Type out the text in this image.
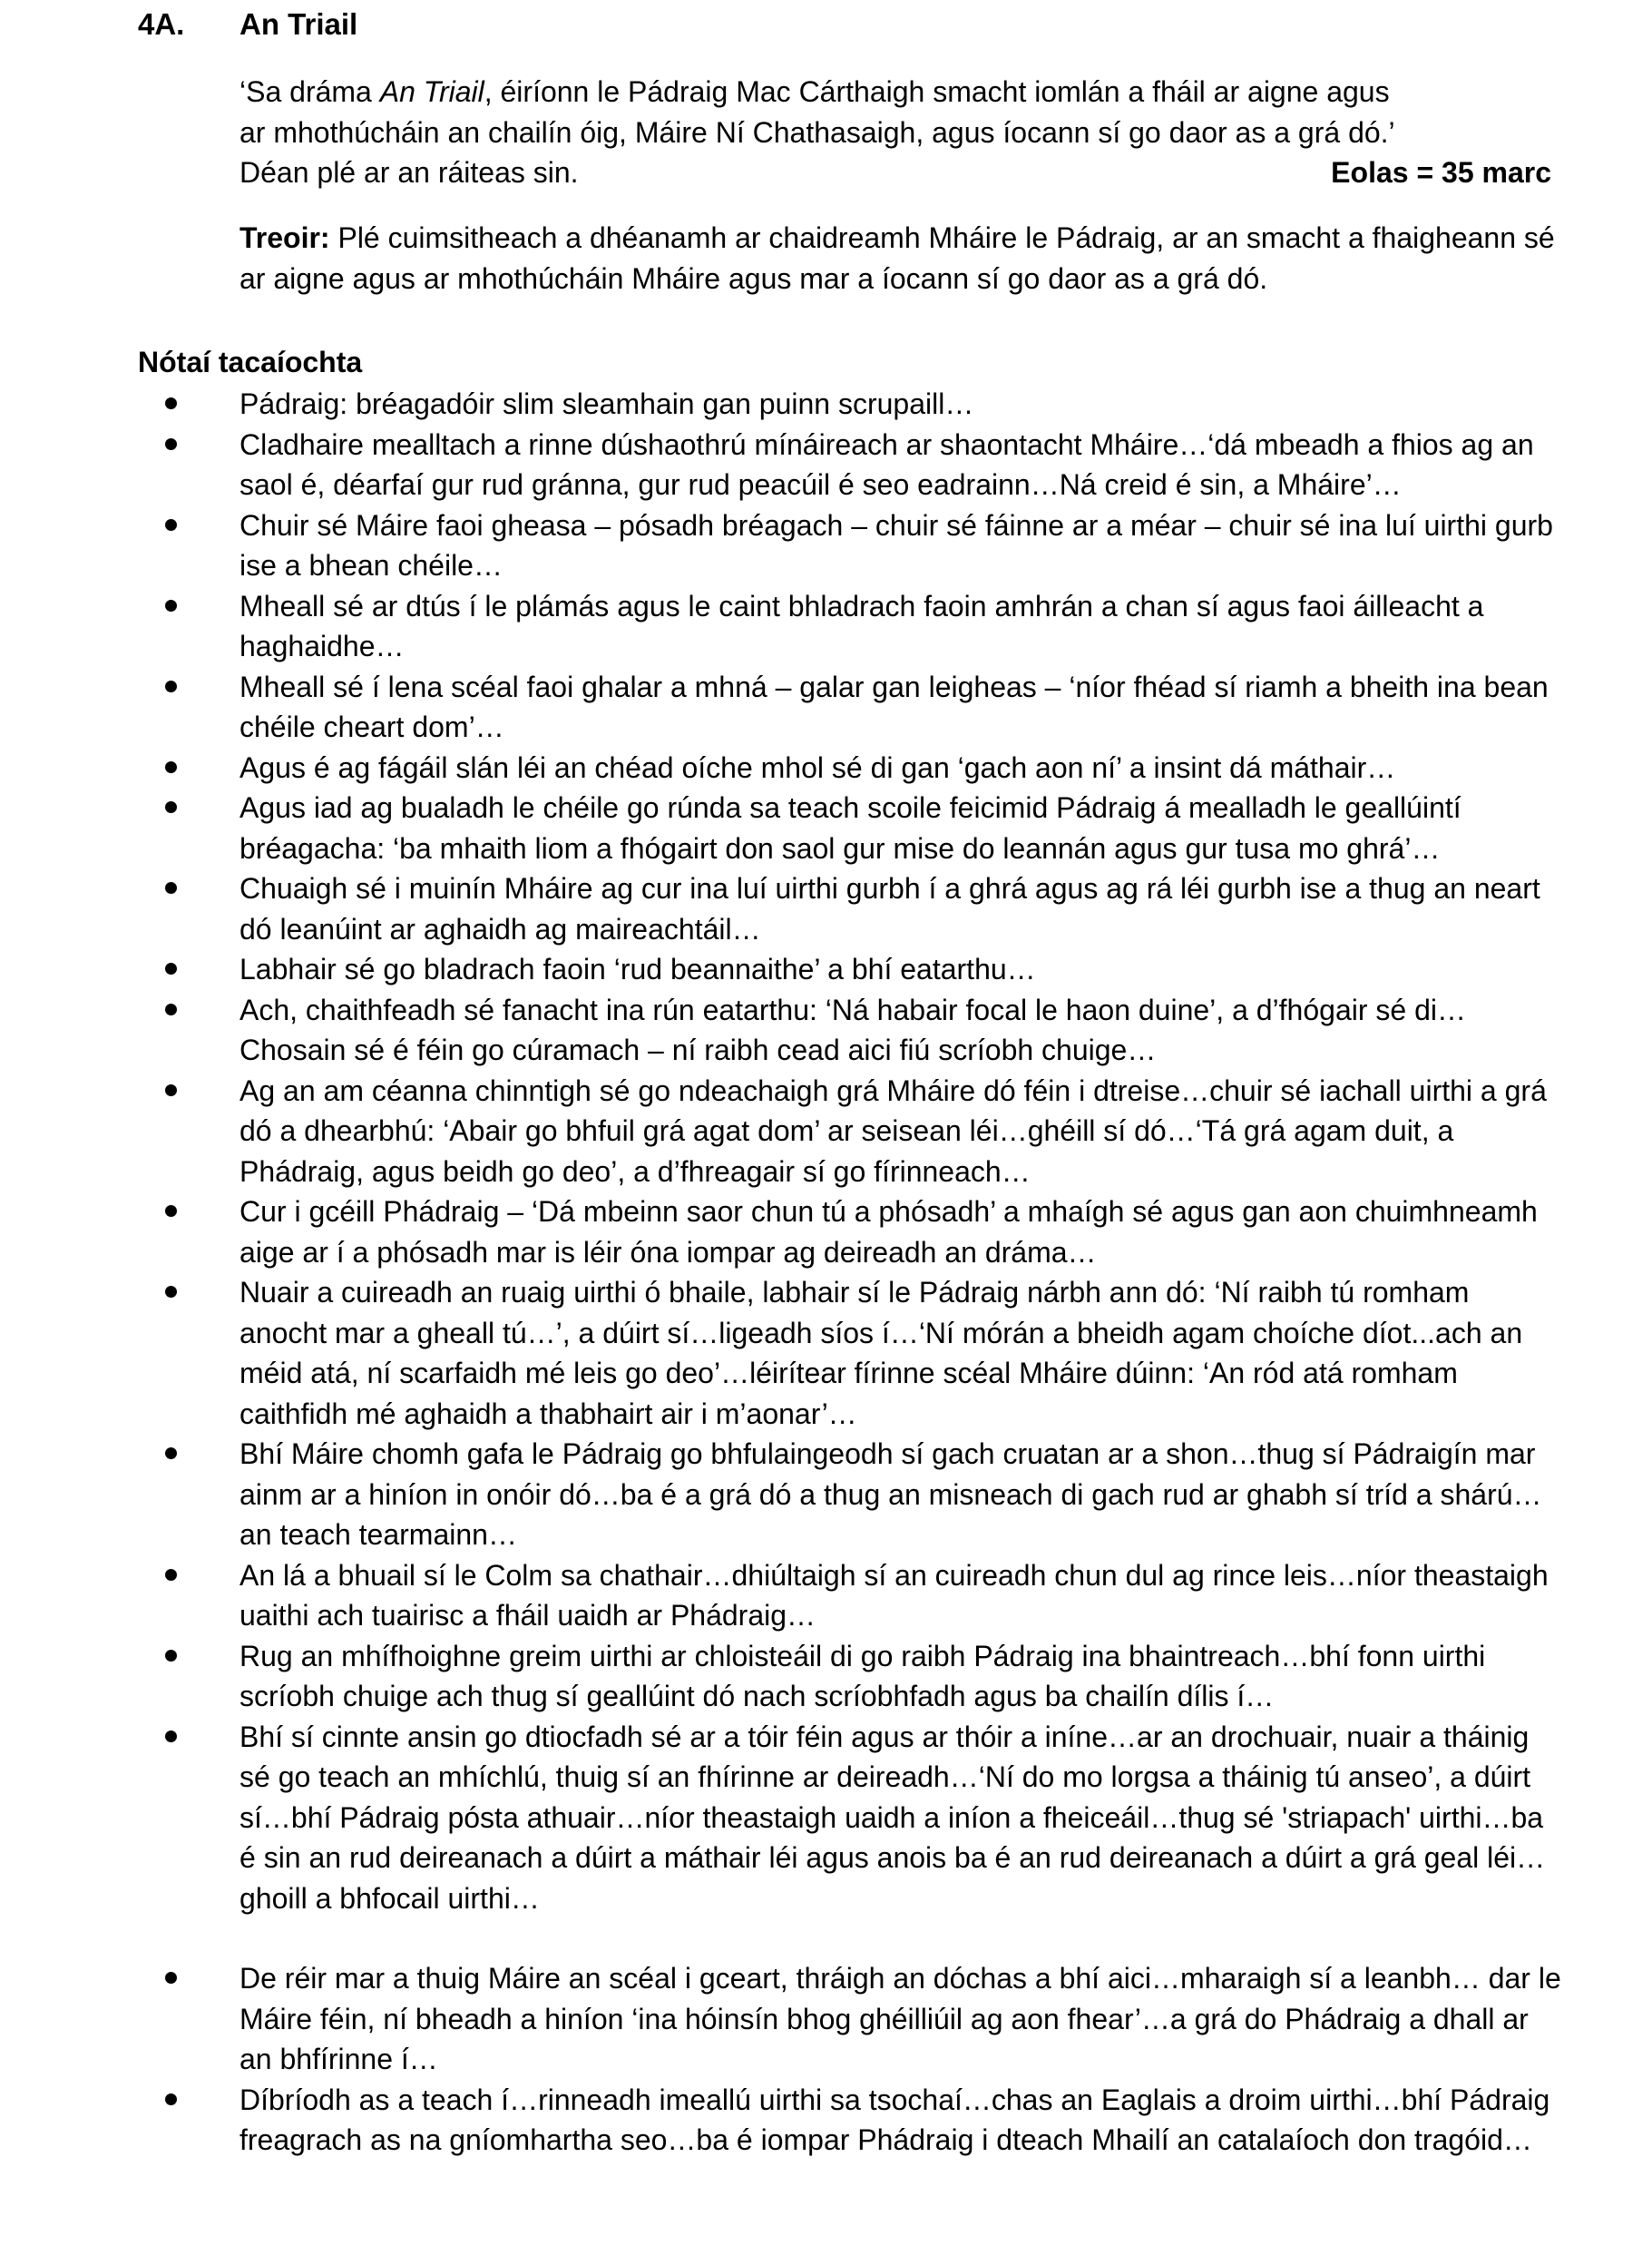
4A. An Triail
‘Sa dráma An Triail, éiríonn le Pádraig Mac Cárthaigh smacht iomlán a fháil ar aigne agus
ar mhothúcháin an chailín óig, Máire Ní Chathasaigh, agus íocann sí go daor as a grá dó.’
Déan plé ar an ráiteas sin.	Eolas = 35 marc
Treoir: Plé cuimsitheach a dhéanamh ar chaidreamh Mháire le Pádraig, ar an smacht a fhaigheann sé ar aigne agus ar mhothúcháin Mháire agus mar a íocann sí go daor as a grá dó.
Nótaí tacaíochta
Pádraig: bréagadóir slim sleamhain gan puinn scrupaill…
Cladhaire mealltach a rinne dúshaothrú mínáireach ar shaontacht Mháire…‘dá mbeadh a fhios ag an saol é, déarfaí gur rud gránna, gur rud peacúil é seo eadrainn…Ná creid é sin, a Mháire’…
Chuir sé Máire faoi gheasa – pósadh bréagach – chuir sé fáinne ar a méar – chuir sé ina luí uirthi gurb ise a bhean chéile…
Mheall sé ar dtús í le plámás agus le caint bhladrach faoin amhrán a chan sí agus faoi áilleacht a haghaidhe…
Mheall sé í lena scéal faoi ghalar a mhná – galar gan leigheas – ‘níor fhéad sí riamh a bheith ina bean chéile cheart dom’…
Agus é ag fágáil slán léi an chéad oíche mhol sé di gan ‘gach aon ní’ a insint dá máthair…
Agus iad ag bualadh le chéile go rúnda sa teach scoile feicimid Pádraig á mealladh le geallúintí bréagacha: ‘ba mhaith liom a fhógairt don saol gur mise do leannán agus gur tusa mo ghrá’…
Chuaigh sé i muinín Mháire ag cur ina luí uirthi gurbh í a ghrá agus ag rá léi gurbh ise a thug an neart dó leanúint ar aghaidh ag maireachtáil…
Labhair sé go bladrach faoin ‘rud beannaithe’ a bhí eatarthu…
Ach, chaithfeadh sé fanacht ina rún eatarthu: ‘Ná habair focal le haon duine’, a d’fhógair sé di… Chosain sé é féin go cúramach – ní raibh cead aici fiú scríobh chuige…
Ag an am céanna chinntigh sé go ndeachaigh grá Mháire dó féin i dtreise…chuir sé iachall uirthi a grá dó a dhearbhú: ‘Abair go bhfuil grá agat dom’ ar seisean léi…ghéill sí dó…‘Tá grá agam duit, a Phádraig, agus beidh go deo’, a d’fhreagair sí go fírinneach…
Cur i gcéill Phádraig – ‘Dá mbeinn saor chun tú a phósadh’ a mhaígh sé agus gan aon chuimhneamh aige ar í a phósadh mar is léir óna iompar ag deireadh an dráma…
Nuair a cuireadh an ruaig uirthi ó bhaile, labhair sí le Pádraig nárbh ann dó: ‘Ní raibh tú romham anocht mar a gheall tú…’, a dúirt sí…ligeadh síos í…‘Ní mórán a bheidh agam choíche díot...ach an méid atá, ní scarfaidh mé leis go deo’…léirítear fírinne scéal Mháire dúinn: ‘An ród atá romham caithfidh mé aghaidh a thabhairt air i m’aonar’…
Bhí Máire chomh gafa le Pádraig go bhfulaingeodh sí gach cruatan ar a shon…thug sí Pádraigín mar ainm ar a hiníon in onóir dó…ba é a grá dó a thug an misneach di gach rud ar ghabh sí tríd a shárú…an teach tearmainn…
An lá a bhuail sí le Colm sa chathair…dhiúltaigh sí an cuireadh chun dul ag rince leis…níor theastaigh uaithi ach tuairisc a fháil uaidh ar Phádraig…
Rug an mhífhoighne greim uirthi ar chloisteáil di go raibh Pádraig ina bhaintreach…bhí fonn uirthi scríobh chuige ach thug sí geallúint dó nach scríobhfadh agus ba chailín dílis í…
Bhí sí cinnte ansin go dtiocfadh sé ar a tóir féin agus ar thóir a iníne…ar an drochuair, nuair a tháinig sé go teach an mhíchlú, thuig sí an fhírinne ar deireadh…‘Ní do mo lorgsa a tháinig tú anseo’, a dúirt sí…bhí Pádraig pósta athuair…níor theastaigh uaidh a iníon a fheiceáil…thug sé 'striapach' uirthi…ba é sin an rud deireanach a dúirt a máthair léi agus anois ba é an rud deireanach a dúirt a grá geal léi…ghoill a bhfocail uirthi…
De réir mar a thuig Máire an scéal i gceart, thráigh an dóchas a bhí aici…mharaigh sí a leanbh… dar le Máire féin, ní bheadh a hiníon ‘ina hóinsín bhog ghéilliúil ag aon fhear’…a grá do Phádraig a dhall ar an bhfírinne í…
Díbríodh as a teach í…rinneadh imeallú uirthi sa tsochaí…chas an Eaglais a droim uirthi…bhí Pádraig freagrach as na gníomhartha seo…ba é iompar Phádraig i dteach Mhailí an catalaíoch don tragóid…
